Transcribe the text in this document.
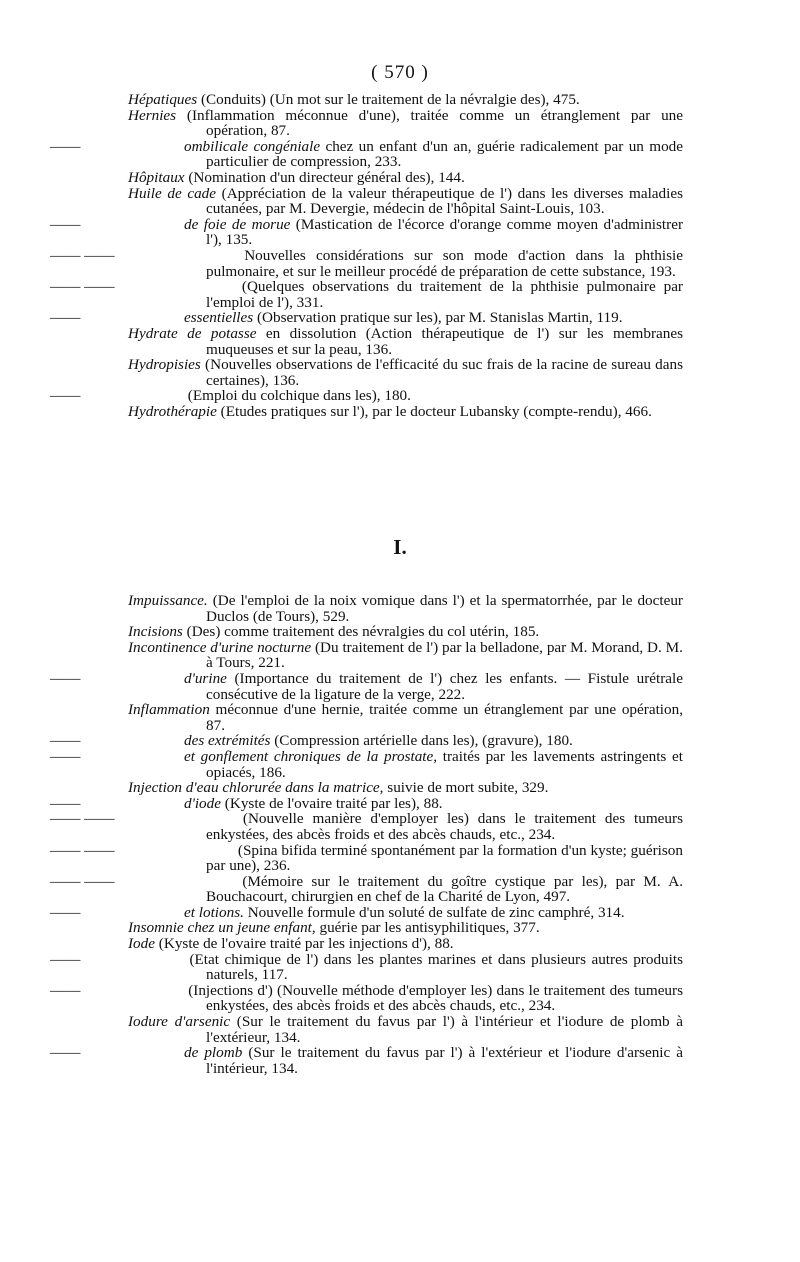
( 570 )

Hépatiques (Conduits) (Un mot sur le traitement de la névralgie des), 475.

Hernies (Inflammation méconnue d'une), traitée comme un étranglement par une opération, 87.

——	ombilicale congéniale chez un enfant d'un an, guérie radicalement par un mode particulier de compression, 233.

Hôpitaux (Nomination d'un directeur général des), 144.

Huile de cade (Appréciation de la valeur thérapeutique de l') dans les diverses maladies cutanées, par M. Devergie, médecin de l'hôpital Saint-Louis, 103.

——	de foie de morue (Mastication de l'écorce d'orange comme moyen d'administrer l'), 135.

—— ——	Nouvelles considérations sur son mode d'action dans la phthisie pulmonaire, et sur le meilleur procédé de préparation de cette substance, 193.

—— ——	(Quelques observations du traitement de la phthisie pulmonaire par l'emploi de l'), 331.

——	essentielles (Observation pratique sur les), par M. Stanislas Martin, 119.

Hydrate de potasse en dissolution (Action thérapeutique de l') sur les membranes muqueuses et sur la peau, 136.

Hydropisies (Nouvelles observations de l'efficacité du suc frais de la racine de sureau dans certaines), 136.

——	(Emploi du colchique dans les), 180.

Hydrothérapie (Etudes pratiques sur l'), par le docteur Lubansky (compte-rendu), 466.

I.

Impuissance. (De l'emploi de la noix vomique dans l') et la spermatorrhée, par le docteur Duclos (de Tours), 529.

Incisions (Des) comme traitement des névralgies du col utérin, 185.

Incontinence d'urine nocturne (Du traitement de l') par la belladone, par M. Morand, D. M. à Tours, 221.

——	d'urine (Importance du traitement de l') chez les enfants. — Fistule urétrale consécutive de la ligature de la verge, 222.

Inflammation méconnue d'une hernie, traitée comme un étranglement par une opération, 87.

——	des extrémités (Compression artérielle dans les), (gravure), 180.

——	et gonflement chroniques de la prostate, traités par les lavements astringents et opiacés, 186.

Injection d'eau chlorurée dans la matrice, suivie de mort subite, 329.

——	d'iode (Kyste de l'ovaire traité par les), 88.

—— ——	(Nouvelle manière d'employer les) dans le traitement des tumeurs enkystées, des abcès froids et des abcès chauds, etc., 234.

—— ——	(Spina bifida terminé spontanément par la formation d'un kyste; guérison par une), 236.

—— ——	(Mémoire sur le traitement du goître cystique par les), par M. A. Bouchacourt, chirurgien en chef de la Charité de Lyon, 497.

——	et lotions. Nouvelle formule d'un soluté de sulfate de zinc camphré, 314.

Insomnie chez un jeune enfant, guérie par les antisyphilitiques, 377.

Iode (Kyste de l'ovaire traité par les injections d'), 88.

——	(Etat chimique de l') dans les plantes marines et dans plusieurs autres produits naturels, 117.

——	(Injections d') (Nouvelle méthode d'employer les) dans le traitement des tumeurs enkystées, des abcès froids et des abcès chauds, etc., 234.

Iodure d'arsenic (Sur le traitement du favus par l') à l'intérieur et l'iodure de plomb à l'extérieur, 134.

——	de plomb (Sur le traitement du favus par l') à l'extérieur et l'iodure d'arsenic à l'intérieur, 134.
